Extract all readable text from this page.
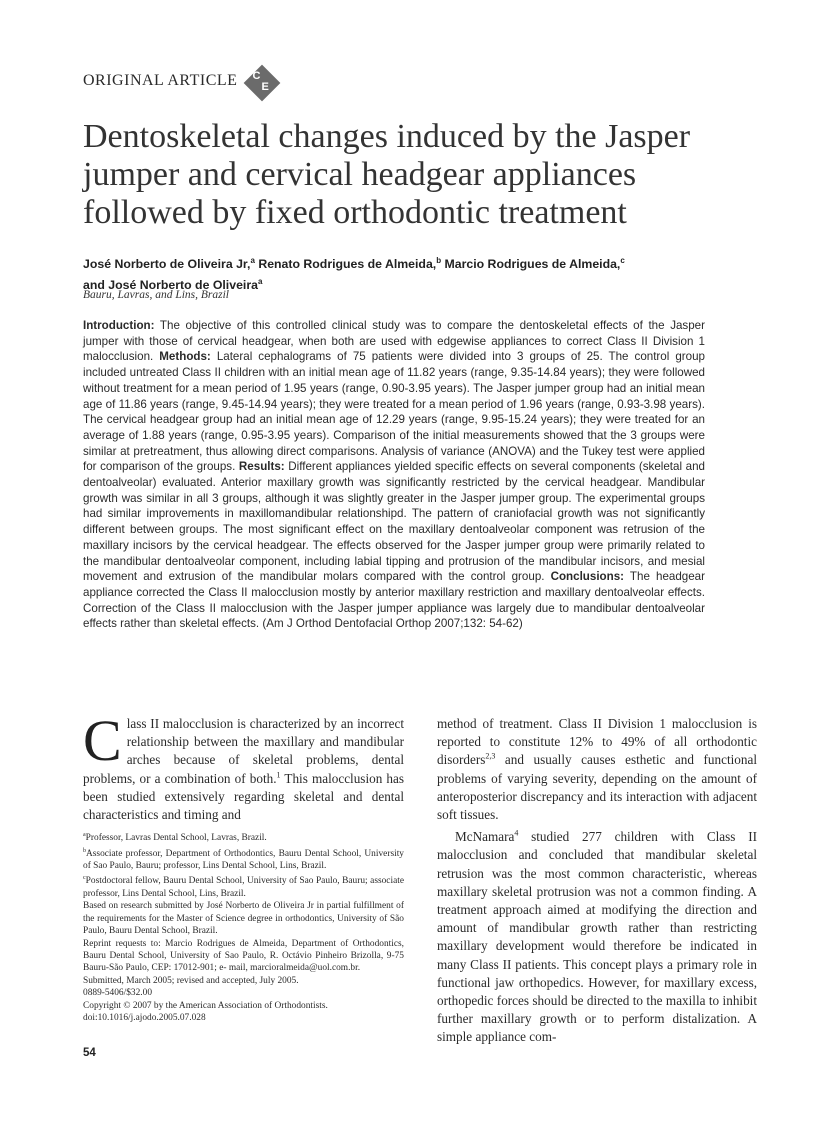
ORIGINAL ARTICLE C
E
Dentoskeletal changes induced by the Jasper jumper and cervical headgear appliances followed by fixed orthodontic treatment
José Norberto de Oliveira Jr,$^a$ Renato Rodrigues de Almeida,$^b$ Marcio Rodrigues de Almeida,$^c$
and José Norberto de Oliveira$^a$
Bauru, Lavras, and Lins, Brazil
Introduction: The objective of this controlled clinical study was to compare the dentoskeletal effects of the Jasper jumper with those of cervical headgear, when both are used with edgewise appliances to correct Class II Division 1 malocclusion. Methods: Lateral cephalograms of 75 patients were divided into 3 groups of 25. The control group included untreated Class II children with an initial mean age of 11.82 years (range, 9.35-14.84 years); they were followed without treatment for a mean period of 1.95 years (range, 0.90-3.95 years). The Jasper jumper group had an initial mean age of 11.86 years (range, 9.45-14.94 years); they were treated for a mean period of 1.96 years (range, 0.93-3.98 years). The cervical headgear group had an initial mean age of 12.29 years (range, 9.95-15.24 years); they were treated for an average of 1.88 years (range, 0.95-3.95 years). Comparison of the initial measurements showed that the 3 groups were similar at pretreatment, thus allowing direct comparisons. Analysis of variance (ANOVA) and the Tukey test were applied for comparison of the groups. Results: Different appliances yielded specific effects on several components (skeletal and dentoalveolar) evaluated. Anterior maxillary growth was significantly restricted by the cervical headgear. Mandibular growth was similar in all 3 groups, although it was slightly greater in the Jasper jumper group. The experimental groups had similar improvements in maxillomandibular relationshipd. The pattern of craniofacial growth was not significantly different between groups. The most significant effect on the maxillary dentoalveolar component was retrusion of the maxillary incisors by the cervical headgear. The effects observed for the Jasper jumper group were primarily related to the mandibular dentoalveolar component, including labial tipping and protrusion of the mandibular incisors, and mesial movement and extrusion of the mandibular molars compared with the control group. Conclusions: The headgear appliance corrected the Class II malocclusion mostly by anterior maxillary restriction and maxillary dentoalveolar effects. Correction of the Class II malocclusion with the Jasper jumper appliance was largely due to mandibular dentoalveolar effects rather than skeletal effects. (Am J Orthod Dentofacial Orthop 2007;132: 54-62)
Class II malocclusion is characterized by an incorrect relationship between the maxillary and mandibular arches because of skeletal problems, dental problems, or a combination of both.$^1$ This malocclusion has been studied extensively regarding skeletal and dental characteristics and timing and

$^a$Professor, Lavras Dental School, Lavras, Brazil.

$^b$Associate professor, Department of Orthodontics, Bauru Dental School, University of Sao Paulo, Bauru; professor, Lins Dental School, Lins, Brazil.

$^c$Postdoctoral fellow, Bauru Dental School, University of Sao Paulo, Bauru; associate professor, Lins Dental School, Lins, Brazil.

Based on research submitted by José Norberto de Oliveira Jr in partial fulfillment of the requirements for the Master of Science degree in orthodontics, University of São Paulo, Bauru Dental School, Brazil.

Reprint requests to: Marcio Rodrigues de Almeida, Department of Orthodontics, Bauru Dental School, University of Sao Paulo, R. Octávio Pinheiro Brizolla, 9-75 Bauru-São Paulo, CEP: 17012-901; e- mail, marcioralmeida@uol.com.br.

Submitted, March 2005; revised and accepted, July 2005.

0889-5406/$32.00

Copyright © 2007 by the American Association of Orthodontists.

doi:10.1016/j.ajodo.2005.07.028

54

method of treatment. Class II Division 1 malocclusion is reported to constitute 12% to 49% of all orthodontic disorders$^{2,3}$ and usually causes esthetic and functional problems of varying severity, depending on the amount of anteroposterior discrepancy and its interaction with adjacent soft tissues.

McNamara$^4$ studied 277 children with Class II malocclusion and concluded that mandibular skeletal retrusion was the most common characteristic, whereas maxillary skeletal protrusion was not a common finding. A treatment approach aimed at modifying the direction and amount of mandibular growth rather than restricting maxillary development would therefore be indicated in many Class II patients. This concept plays a primary role in functional jaw orthopedics. However, for maxillary excess, orthopedic forces should be directed to the maxilla to inhibit further maxillary growth or to perform distalization. A simple appliance com-
